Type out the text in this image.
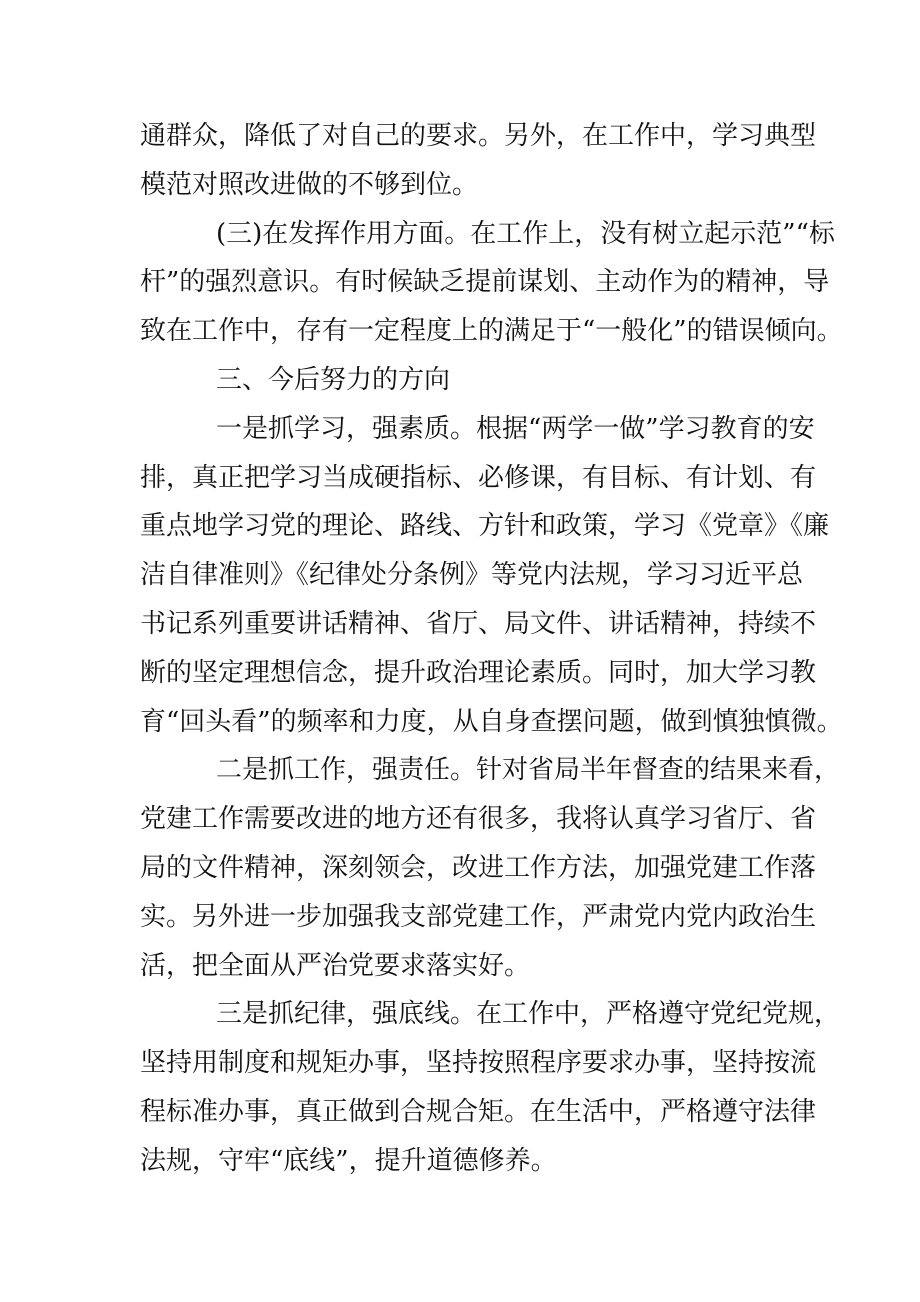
通群众，降低了对自己的要求。另外，在工作中，学习典型
模范对照改进做的不够到位。
(三)在发挥作用方面。在工作上，没有树立起示范”“标
杆”的强烈意识。有时候缺乏提前谋划、主动作为的精神，导
致在工作中，存有一定程度上的满足于“一般化”的错误倾向。
三、今后努力的方向
一是抓学习，强素质。根据“两学一做”学习教育的安
排，真正把学习当成硬指标、必修课，有目标、有计划、有
重点地学习党的理论、路线、方针和政策，学习《党章》《廉
洁自律准则》《纪律处分条例》等党内法规，学习习近平总
书记系列重要讲话精神、省厅、局文件、讲话精神，持续不
断的坚定理想信念，提升政治理论素质。同时，加大学习教
育“回头看”的频率和力度，从自身查摆问题，做到慎独慎微。
二是抓工作，强责任。针对省局半年督查的结果来看，
党建工作需要改进的地方还有很多，我将认真学习省厅、省
局的文件精神，深刻领会，改进工作方法，加强党建工作落
实。另外进一步加强我支部党建工作，严肃党内党内政治生
活，把全面从严治党要求落实好。
三是抓纪律，强底线。在工作中，严格遵守党纪党规，
坚持用制度和规矩办事，坚持按照程序要求办事，坚持按流
程标准办事，真正做到合规合矩。在生活中，严格遵守法律
法规，守牢“底线”，提升道德修养。
